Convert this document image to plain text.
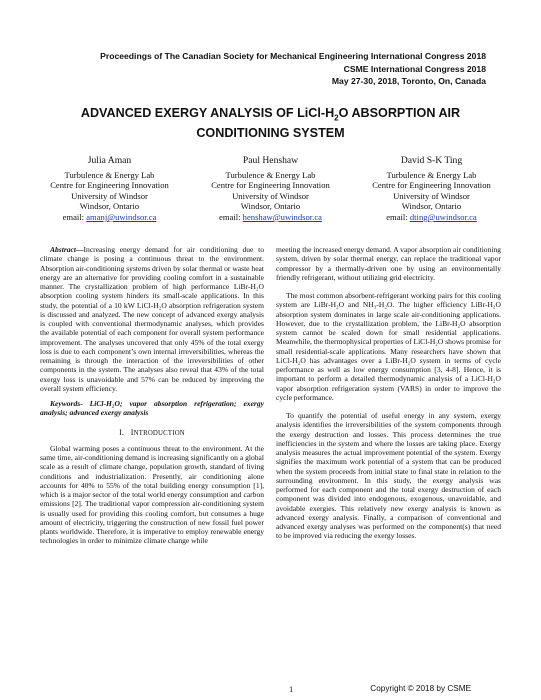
Proceedings of The Canadian Society for Mechanical Engineering International Congress 2018
CSME International Congress 2018
May 27-30, 2018, Toronto, On, Canada
ADVANCED EXERGY ANALYSIS OF LiCl-$H_2O$ ABSORPTION AIR
CONDITIONING SYSTEM
Julia Aman
Turbulence & Energy Lab
Centre for Engineering Innovation
University of Windsor
Windsor, Ontario
email: amanj@uwindsor.ca
Paul Henshaw
Turbulence & Energy Lab
Centre for Engineering Innovation
University of Windsor
Windsor, Ontario
email: henshaw@uwindsor.ca
David S-K Ting
Turbulence & Energy Lab
Centre for Engineering Innovation
University of Windsor
Windsor, Ontario
email: dting@uwindsor.ca

Abstract—Increasing energy demand for air conditioning due to climate change is posing a continuous threat to the environment. Absorption air-conditioning systems driven by solar thermal or waste heat energy are an alternative for providing cooling comfort in a sustainable manner. The crystallization problem of high performance LiBr-H₂O absorption cooling system hinders its small-scale applications. In this study, the potential of a 10 kW LiCl-H₂O absorption refrigeration system is discussed and analyzed. The new concept of advanced exergy analysis is coupled with conventional thermodynamic analyses, which provides the available potential of each component for overall system performance improvement. The analyses uncovered that only 45% of the total exergy loss is due to each component’s own internal irreversibilities, whereas the remaining is through the interaction of the irreversibilities of other components in the system. The analyses also reveal that 43% of the total exergy loss is unavoidable and 57% can be reduced by improving the overall system efficiency.

Keywords- LiCl-H₂O; vapor absorption refrigeration; exergy analysis; advanced exergy analysis

I. INTRODUCTION

Global warming poses a continuous threat to the environment. At the same time, air-conditioning demand is increasing significantly on a global scale as a result of climate change, population growth, standard of living conditions and industrialization. Presently, air conditioning alone accounts for 40% to 55% of the total building energy consumption [1], which is a major sector of the total world energy consumption and carbon emissions [2]. The traditional vapor compression air-conditioning system is usually used for providing this cooling comfort, but consumes a huge amount of electricity, triggering the construction of new fossil fuel power plants worldwide. Therefore, it is imperative to employ renewable energy technologies in order to minimize climate change while

meeting the increased energy demand. A vapor absorption air conditioning system, driven by solar thermal energy, can replace the traditional vapor compressor by a thermally-driven one by using an environmentally friendly refrigerant, without utilizing grid electricity.

The most common absorbent-refrigerant working pairs for this cooling system are LiBr-H₂O and NH₃-H₂O. The higher efficiency LiBr-H₂O absorption system dominates in large scale air-conditioning applications. However, due to the crystallization problem, the LiBr-H₂O absorption system cannot be scaled down for small residential applications. Meanwhile, the thermophysical properties of LiCl-H₂O shows promise for small residential-scale applications. Many researchers have shown that LiCl-H₂O has advantages over a LiBr-H₂O system in terms of cycle performance as well as low energy consumption [3, 4-8]. Hence, it is important to perform a detailed thermodynamic analysis of a LiCl-H₂O vapor absorption refrigeration system (VARS) in order to improve the cycle performance.

To quantify the potential of useful energy in any system, exergy analysis identifies the irreversibilities of the system components through the exergy destruction and losses. This process determines the true inefficiencies in the system and where the losses are taking place. Exergy analysis measures the actual improvement potential of the system. Exergy signifies the maximum work potential of a system that can be produced when the system proceeds from initial state to final state in relation to the surrounding environment. In this study, the exergy analysis was performed for each component and the total exergy destruction of each component was divided into endogenous, exogenous, unavoidable, and avoidable exergies. This relatively new exergy analysis is known as advanced exergy analysis. Finally, a comparison of conventional and advanced exergy analyses was performed on the component(s) that need to be improved via reducing the exergy losses.

1	Copyright © 2018 by CSME
